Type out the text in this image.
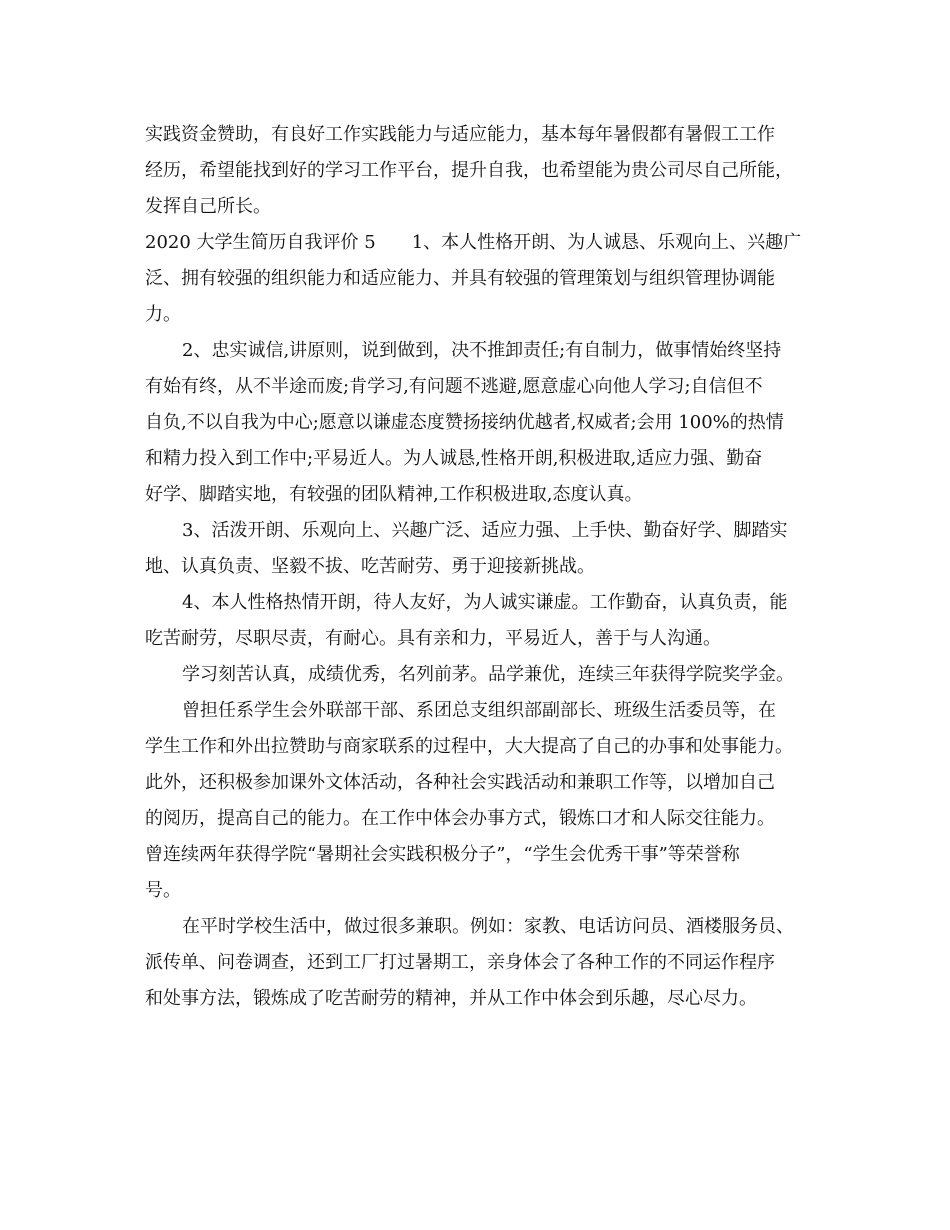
实践资金赞助，有良好工作实践能力与适应能力，基本每年暑假都有暑假工工作
经历，希望能找到好的学习工作平台，提升自我，也希望能为贵公司尽自己所能，
发挥自己所长。
2020 大学生简历自我评价 5　　1、本人性格开朗、为人诚恳、乐观向上、兴趣广
泛、拥有较强的组织能力和适应能力、并具有较强的管理策划与组织管理协调能
力。
2、忠实诚信,讲原则，说到做到，决不推卸责任;有自制力，做事情始终坚持
有始有终，从不半途而废;肯学习,有问题不逃避,愿意虚心向他人学习;自信但不
自负,不以自我为中心;愿意以谦虚态度赞扬接纳优越者,权威者;会用 100%的热情
和精力投入到工作中;平易近人。为人诚恳,性格开朗,积极进取,适应力强、勤奋
好学、脚踏实地，有较强的团队精神,工作积极进取,态度认真。
3、活泼开朗、乐观向上、兴趣广泛、适应力强、上手快、勤奋好学、脚踏实
地、认真负责、坚毅不拔、吃苦耐劳、勇于迎接新挑战。
4、本人性格热情开朗，待人友好，为人诚实谦虚。工作勤奋，认真负责，能
吃苦耐劳，尽职尽责，有耐心。具有亲和力，平易近人，善于与人沟通。
学习刻苦认真，成绩优秀，名列前茅。品学兼优，连续三年获得学院奖学金。
曾担任系学生会外联部干部、系团总支组织部副部长、班级生活委员等，在
学生工作和外出拉赞助与商家联系的过程中，大大提高了自己的办事和处事能力。
此外，还积极参加课外文体活动，各种社会实践活动和兼职工作等，以增加自己
的阅历，提高自己的能力。在工作中体会办事方式，锻炼口才和人际交往能力。
曾连续两年获得学院“暑期社会实践积极分子”，“学生会优秀干事”等荣誉称
号。
在平时学校生活中，做过很多兼职。例如：家教、电话访问员、酒楼服务员、
派传单、问卷调查，还到工厂打过暑期工，亲身体会了各种工作的不同运作程序
和处事方法，锻炼成了吃苦耐劳的精神，并从工作中体会到乐趣，尽心尽力。
